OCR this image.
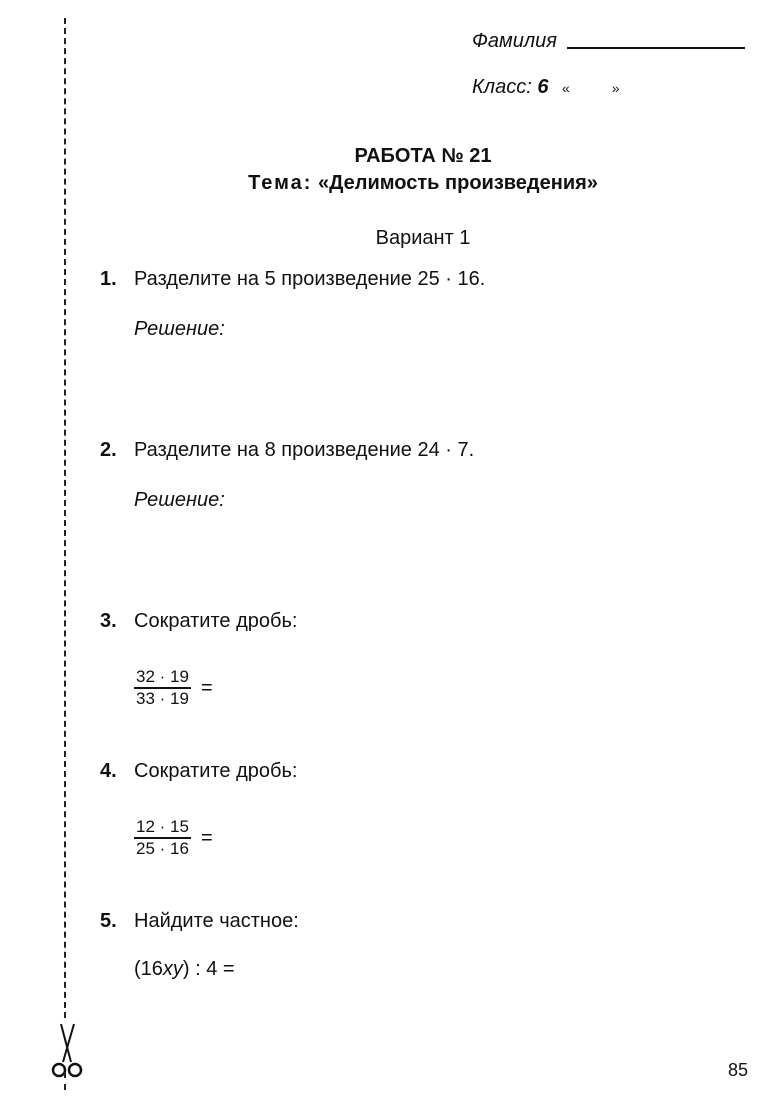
Фамилия
Класс: 6 «	»
РАБОТА № 21
Тема: «Делимость произведения»
Вариант 1
1. Разделите на 5 произведение 25 · 16.
Решение:
2. Разделите на 8 произведение 24 · 7.
Решение:
3. Сократите дробь:
$\frac{32 \cdot 19}{33 \cdot 19}$ =
4. Сократите дробь:
$\frac{12 \cdot 15}{25 \cdot 16}$ =
5. Найдите частное:
(16xy) : 4 =
85
